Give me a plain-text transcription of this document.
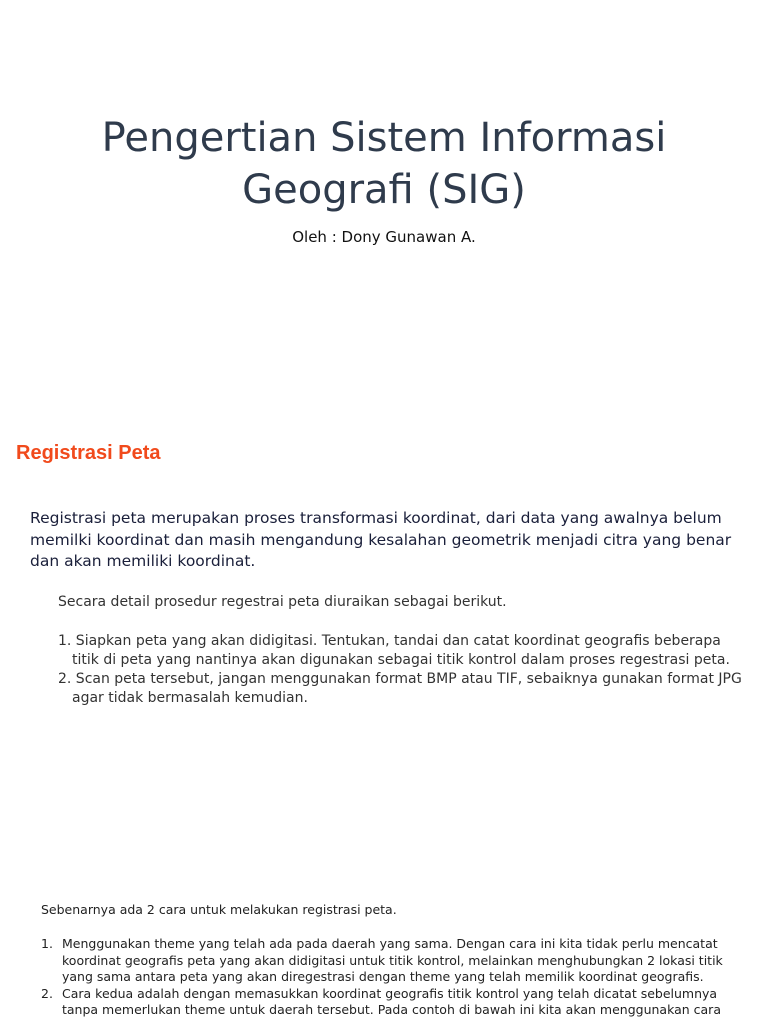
Pengertian Sistem Informasi
Geografi (SIG)

Oleh : Dony Gunawan A.

Registrasi Peta

Registrasi peta merupakan proses transformasi koordinat, dari data yang awalnya belum memilki koordinat dan masih mengandung kesalahan geometrik menjadi citra yang benar dan akan memiliki koordinat.

Secara detail prosedur regestrai peta diuraikan sebagai berikut.

1. Siapkan peta yang akan didigitasi. Tentukan, tandai dan catat koordinat geografis beberapa titik di peta yang nantinya akan digunakan sebagai titik kontrol dalam proses regestrasi peta.
2. Scan peta tersebut, jangan menggunakan format BMP atau TIF, sebaiknya gunakan format JPG agar tidak bermasalah kemudian.

Sebenarnya ada 2 cara untuk melakukan registrasi peta.

1. Menggunakan theme yang telah ada pada daerah yang sama. Dengan cara ini kita tidak perlu mencatat koordinat geografis peta yang akan didigitasi untuk titik kontrol, melainkan menghubungkan 2 lokasi titik yang sama antara peta yang akan diregestrasi dengan theme yang telah memilik koordinat geografis.
2. Cara kedua adalah dengan memasukkan koordinat geografis titik kontrol yang telah dicatat sebelumnya tanpa memerlukan theme untuk daerah tersebut. Pada contoh di bawah ini kita akan menggunakan cara
